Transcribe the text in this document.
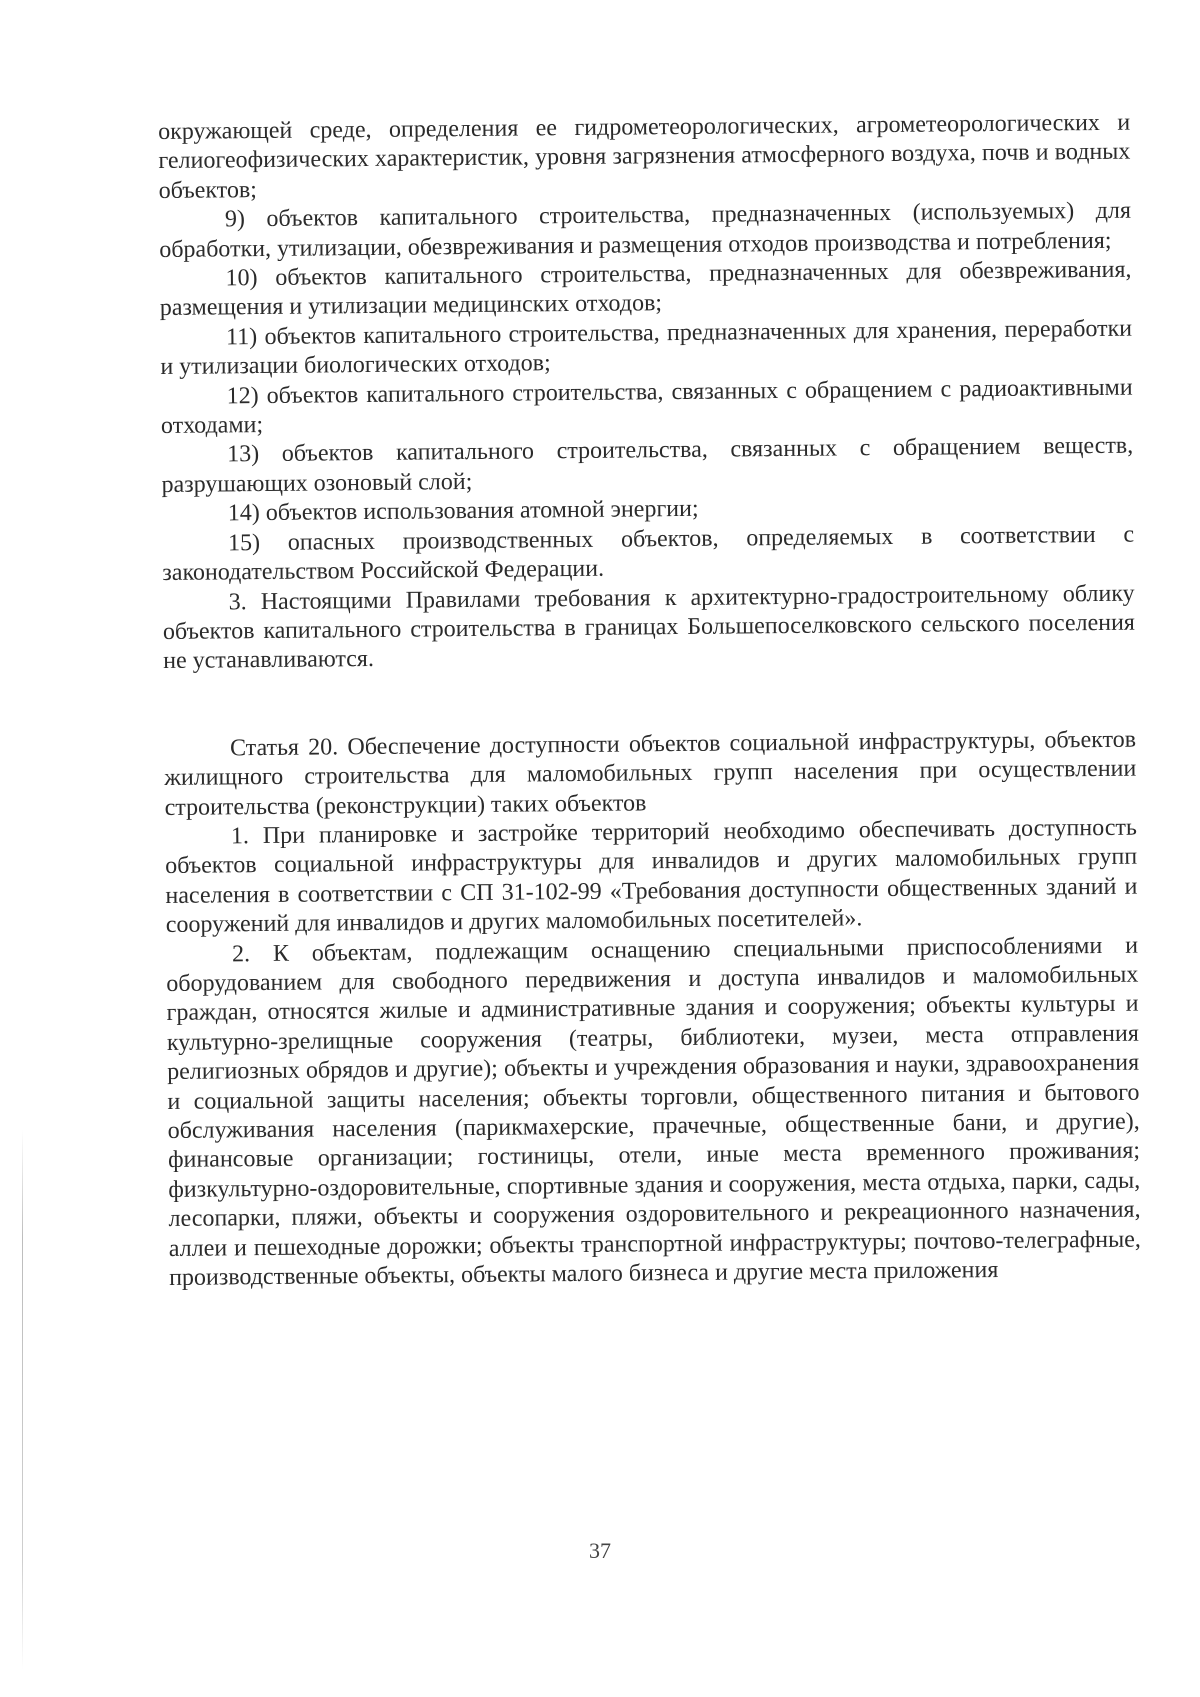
окружающей среде, определения ее гидрометеорологических, агрометеорологических и гелиогеофизических характеристик, уровня загрязнения атмосферного воздуха, почв и водных объектов;

9) объектов капитального строительства, предназначенных (используемых) для обработки, утилизации, обезвреживания и размещения отходов производства и потребления;

10) объектов капитального строительства, предназначенных для обезвреживания, размещения и утилизации медицинских отходов;

11) объектов капитального строительства, предназначенных для хранения, переработки и утилизации биологических отходов;

12) объектов капитального строительства, связанных с обращением с радиоактивными отходами;

13) объектов капитального строительства, связанных с обращением веществ, разрушающих озоновый слой;

14) объектов использования атомной энергии;

15) опасных производственных объектов, определяемых в соответствии с законодательством Российской Федерации.

3. Настоящими Правилами требования к архитектурно-градостроительному облику объектов капитального строительства в границах Большепоселковского сельского поселения не устанавливаются.

Статья 20. Обеспечение доступности объектов социальной инфраструктуры, объектов жилищного строительства для маломобильных групп населения при осуществлении строительства (реконструкции) таких объектов

1. При планировке и застройке территорий необходимо обеспечивать доступность объектов социальной инфраструктуры для инвалидов и других маломобильных групп населения в соответствии с СП 31-102-99 «Требования доступности общественных зданий и сооружений для инвалидов и других маломобильных посетителей».

2. К объектам, подлежащим оснащению специальными приспособлениями и оборудованием для свободного передвижения и доступа инвалидов и маломобильных граждан, относятся жилые и административные здания и сооружения; объекты культуры и культурно-зрелищные сооружения (театры, библиотеки, музеи, места отправления религиозных обрядов и другие); объекты и учреждения образования и науки, здравоохранения и социальной защиты населения; объекты торговли, общественного питания и бытового обслуживания населения (парикмахерские, прачечные, общественные бани, и другие), финансовые организации; гостиницы, отели, иные места временного проживания; физкультурно-оздоровительные, спортивные здания и сооружения, места отдыха, парки, сады, лесопарки, пляжи, объекты и сооружения оздоровительного и рекреационного назначения, аллеи и пешеходные дорожки; объекты транспортной инфраструктуры; почтово-телеграфные, производственные объекты, объекты малого бизнеса и другие места приложения

37
